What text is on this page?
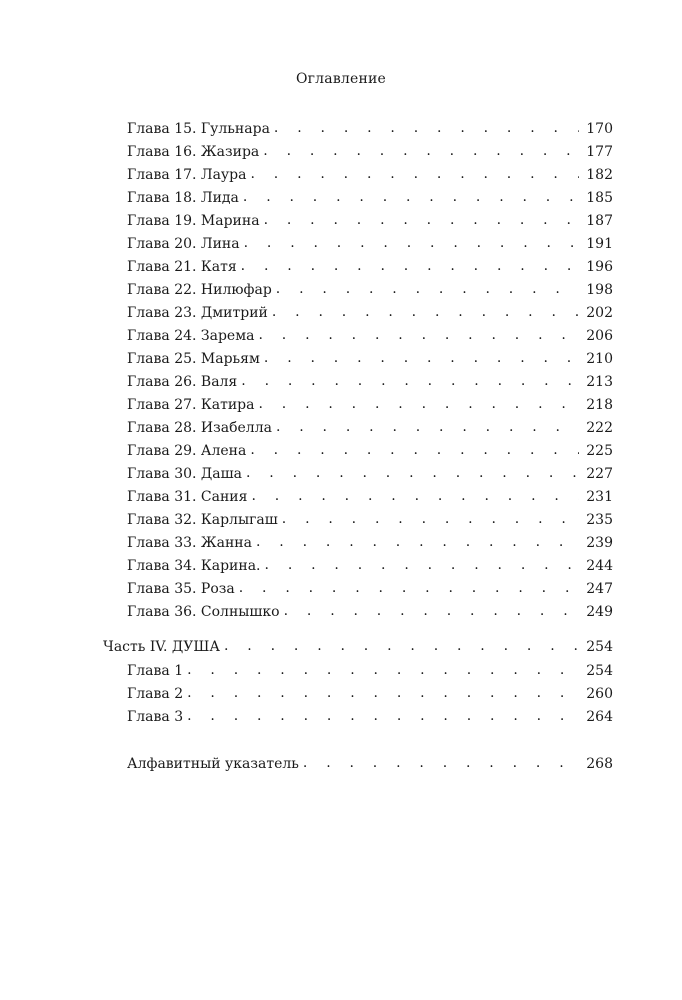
Оглавление
Глава 15. Гульнара . . .	170
Глава 16. Жазира . . .	177
Глава 17. Лаура . . .	182
Глава 18. Лида . . .	185
Глава 19. Марина . . .	187
Глава 20. Лина . . .	191
Глава 21. Катя . . .	196
Глава 22. Нилюфар . . .	198
Глава 23. Дмитрий . . .	202
Глава 24. Зарема . . .	206
Глава 25. Марьям . . .	210
Глава 26. Валя . . .	213
Глава 27. Катира . . .	218
Глава 28. Изабелла . . .	222
Глава 29. Алена . . .	225
Глава 30. Даша . . .	227
Глава 31. Сания . . .	231
Глава 32. Карлыгаш . . .	235
Глава 33. Жанна . . .	239
Глава 34. Карина. . . .	244
Глава 35. Роза . . .	247
Глава 36. Солнышко . . .	249
Часть IV. ДУША . . .	254
Глава 1 . . .	254
Глава 2 . . .	260
Глава 3 . . .	264
Алфавитный указатель . . .	268
